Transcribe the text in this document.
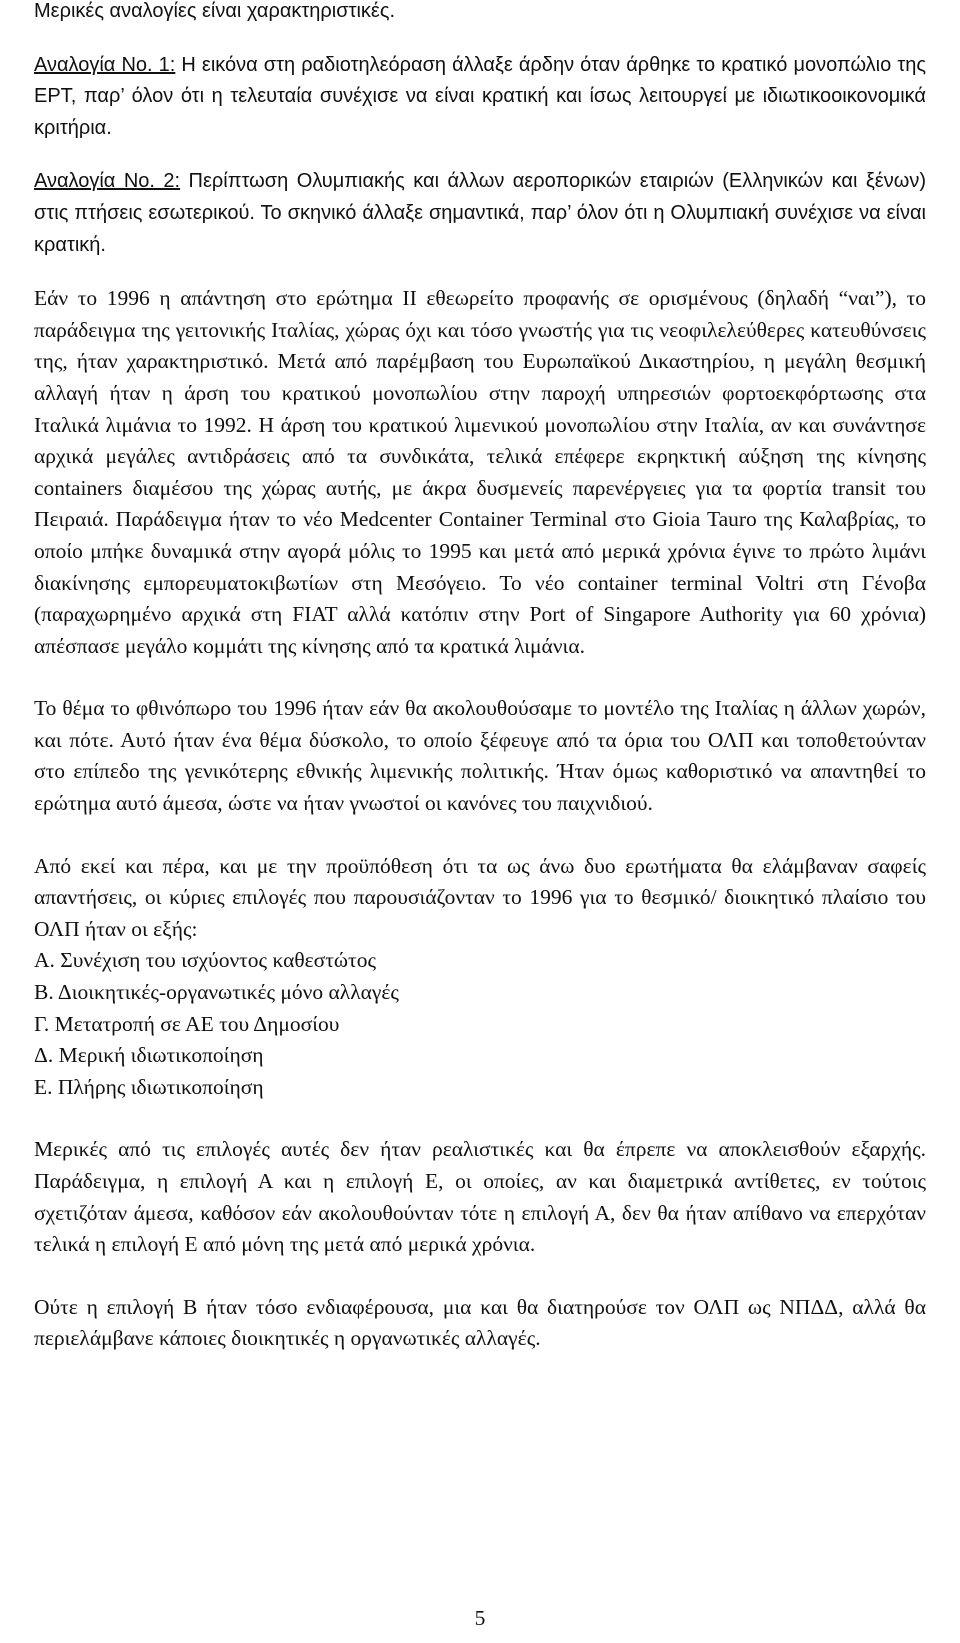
Μερικές αναλογίες είναι χαρακτηριστικές.

Αναλογία No. 1: Η εικόνα στη ραδιοτηλεόραση άλλαξε άρδην όταν άρθηκε το κρατικό μονοπώλιο της ΕΡΤ, παρ’ όλον ότι η τελευταία συνέχισε να είναι κρατική και ίσως λειτουργεί με ιδιωτικοοικονομικά κριτήρια.

Αναλογία No. 2: Περίπτωση Ολυμπιακής και άλλων αεροπορικών εταιριών (Ελληνικών και ξένων) στις πτήσεις εσωτερικού. Το σκηνικό άλλαξε σημαντικά, παρ’ όλον ότι η Ολυμπιακή συνέχισε να είναι κρατική.

Εάν το 1996 η απάντηση στο ερώτημα ΙΙ εθεωρείτο προφανής σε ορισμένους (δηλαδή “ναι”), το παράδειγμα της γειτονικής Ιταλίας, χώρας όχι και τόσο γνωστής για τις νεοφιλελεύθερες κατευθύνσεις της, ήταν χαρακτηριστικό. Μετά από παρέμβαση του Ευρωπαϊκού Δικαστηρίου, η μεγάλη θεσμική αλλαγή ήταν η άρση του κρατικού μονοπωλίου στην παροχή υπηρεσιών φορτοεκφόρτωσης στα Ιταλικά λιμάνια το 1992. Η άρση του κρατικού λιμενικού μονοπωλίου στην Ιταλία, αν και συνάντησε αρχικά μεγάλες αντιδράσεις από τα συνδικάτα, τελικά επέφερε εκρηκτική αύξηση της κίνησης containers διαμέσου της χώρας αυτής, με άκρα δυσμενείς παρενέργειες για τα φορτία transit του Πειραιά. Παράδειγμα ήταν το νέο Medcenter Container Terminal στο Gioia Tauro της Καλαβρίας, το οποίο μπήκε δυναμικά στην αγορά μόλις το 1995 και μετά από μερικά χρόνια έγινε το πρώτο λιμάνι διακίνησης εμπορευματοκιβωτίων στη Μεσόγειο. Το νέο container terminal Voltri στη Γένοβα (παραχωρημένο αρχικά στη FIAT αλλά κατόπιν στην Port of Singapore Authority για 60 χρόνια) απέσπασε μεγάλο κομμάτι της κίνησης από τα κρατικά λιμάνια.

Το θέμα το φθινόπωρο του 1996 ήταν εάν θα ακολουθούσαμε το μοντέλο της Ιταλίας η άλλων χωρών, και πότε. Αυτό ήταν ένα θέμα δύσκολο, το οποίο ξέφευγε από τα όρια του ΟΛΠ και τοποθετούνταν στο επίπεδο της γενικότερης εθνικής λιμενικής πολιτικής. Ήταν όμως καθοριστικό να απαντηθεί το ερώτημα αυτό άμεσα, ώστε να ήταν γνωστοί οι κανόνες του παιχνιδιού.

Από εκεί και πέρα, και με την προϋπόθεση ότι τα ως άνω δυο ερωτήματα θα ελάμβαναν σαφείς απαντήσεις, οι κύριες επιλογές που παρουσιάζονταν το 1996 για το θεσμικό/ διοικητικό πλαίσιο του ΟΛΠ ήταν οι εξής:

Α. Συνέχιση του ισχύοντος καθεστώτος
Β. Διοικητικές-οργανωτικές μόνο αλλαγές
Γ. Μετατροπή σε ΑΕ του Δημοσίου
Δ. Μερική ιδιωτικοποίηση
Ε. Πλήρης ιδιωτικοποίηση

Μερικές από τις επιλογές αυτές δεν ήταν ρεαλιστικές και θα έπρεπε να αποκλεισθούν εξαρχής. Παράδειγμα, η επιλογή Α και η επιλογή Ε, οι οποίες, αν και διαμετρικά αντίθετες, εν τούτοις σχετιζόταν άμεσα, καθόσον εάν ακολουθούνταν τότε η επιλογή Α, δεν θα ήταν απίθανο να επερχόταν τελικά η επιλογή Ε από μόνη της μετά από μερικά χρόνια.

Ούτε η επιλογή Β ήταν τόσο ενδιαφέρουσα, μια και θα διατηρούσε τον ΟΛΠ ως ΝΠΔΔ, αλλά θα περιελάμβανε κάποιες διοικητικές η οργανωτικές αλλαγές.

5
